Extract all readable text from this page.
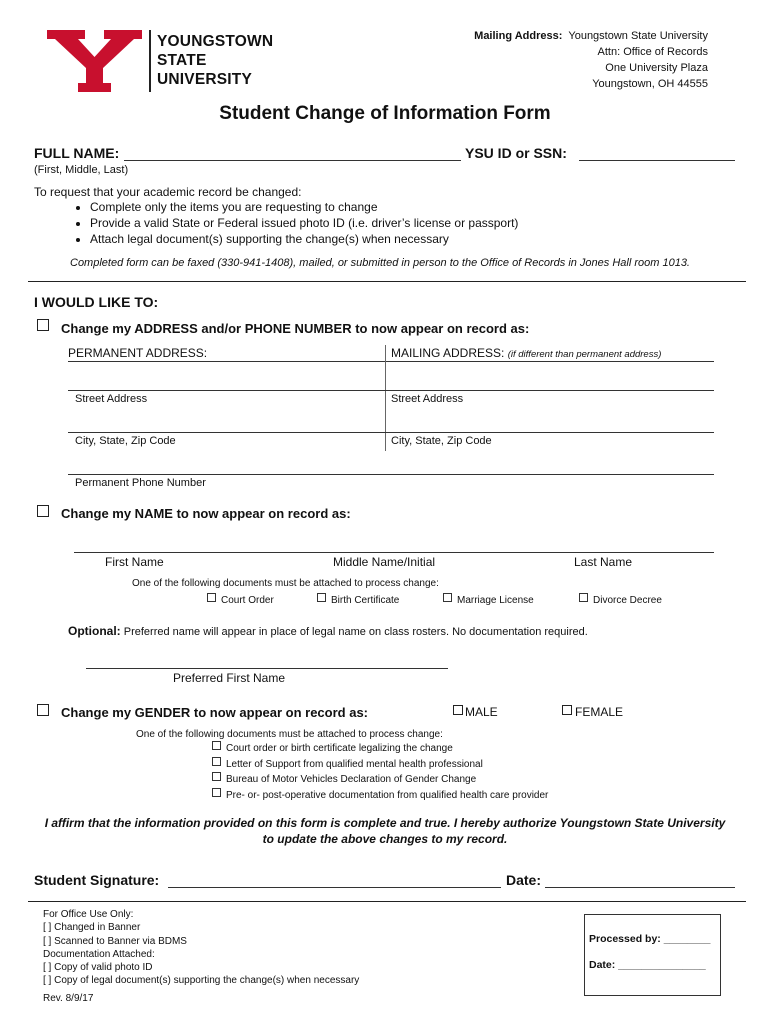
YOUNGSTOWN
STATE
UNIVERSITY
Mailing Address: Youngstown State University
Attn: Office of Records
One University Plaza
Youngstown, OH 44555
Student Change of Information Form
FULL NAME:	YSU ID or SSN:
(First, Middle, Last)
To request that your academic record be changed:
• Complete only the items you are requesting to change
• Provide a valid State or Federal issued photo ID (i.e. driver’s license or passport)
• Attach legal document(s) supporting the change(s) when necessary
Completed form can be faxed (330-941-1408), mailed, or submitted in person to the Office of Records in Jones Hall room 1013.
I WOULD LIKE TO:
Change my ADDRESS and/or PHONE NUMBER to now appear on record as:
PERMANENT ADDRESS:	MAILING ADDRESS: (if different than permanent address)
Street Address	Street Address
City, State, Zip Code	City, State, Zip Code
Permanent Phone Number
Change my NAME to now appear on record as:
First Name	Middle Name/Initial	Last Name
One of the following documents must be attached to process change:
Court Order	Birth Certificate	Marriage License	Divorce Decree
Optional: Preferred name will appear in place of legal name on class rosters. No documentation required.
Preferred First Name
Change my GENDER to now appear on record as:	MALE	FEMALE
One of the following documents must be attached to process change:
Court order or birth certificate legalizing the change
Letter of Support from qualified mental health professional
Bureau of Motor Vehicles Declaration of Gender Change
Pre- or- post-operative documentation from qualified health care provider
I affirm that the information provided on this form is complete and true. I hereby authorize Youngstown State University
to update the above changes to my record.
Student Signature:	Date:
For Office Use Only:
[ ] Changed in Banner
[ ] Scanned to Banner via BDMS
Documentation Attached:
[ ] Copy of valid photo ID
[ ] Copy of legal document(s) supporting the change(s) when necessary
Rev. 8/9/17
Processed by: ________
Date: _______________
